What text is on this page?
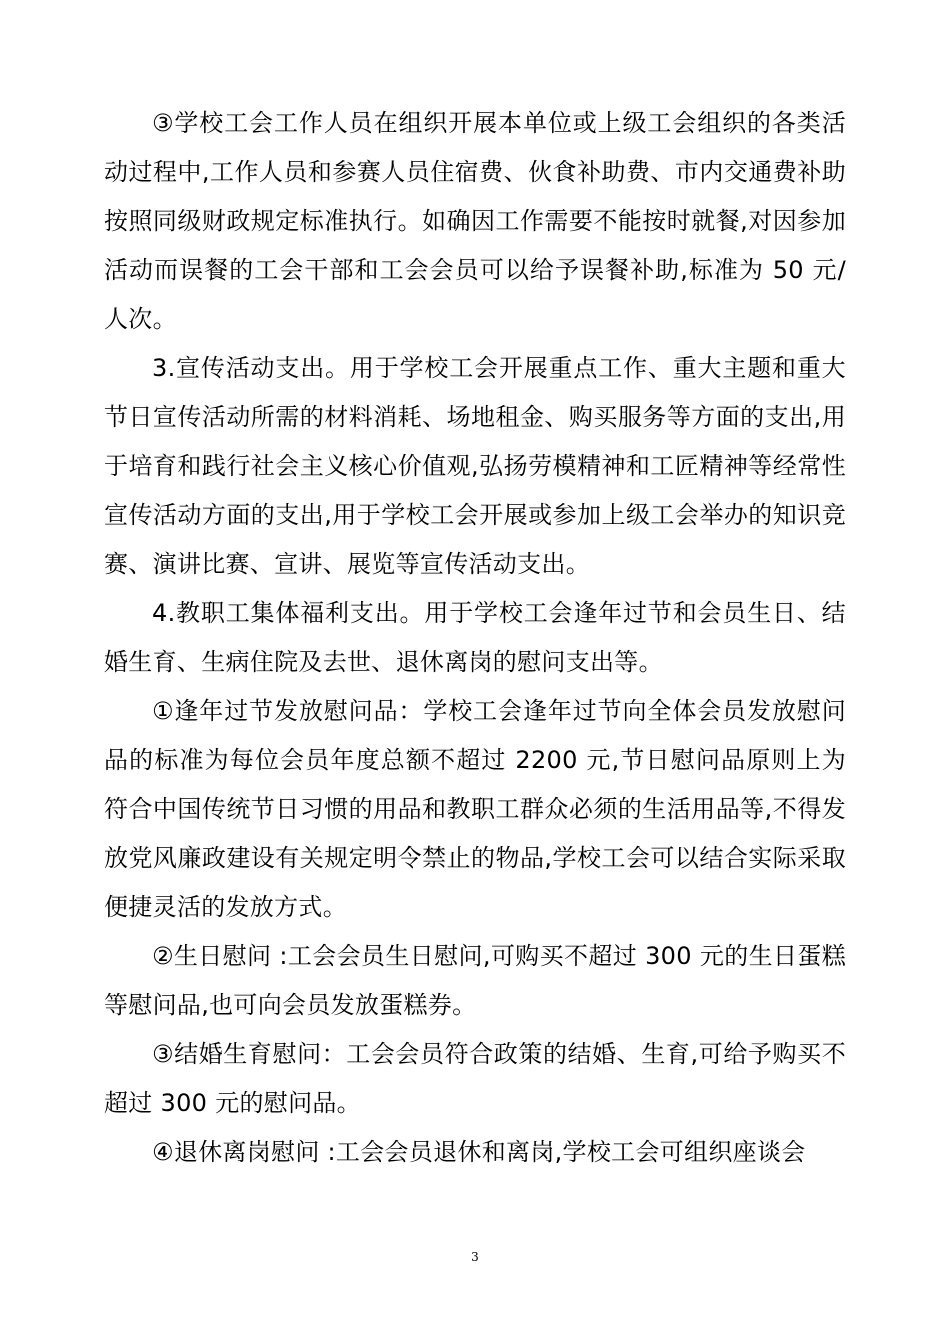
③学校工会工作人员在组织开展本单位或上级工会组织的各类活动过程中,工作人员和参赛人员住宿费、伙食补助费、市内交通费补助按照同级财政规定标准执行。如确因工作需要不能按时就餐,对因参加活动而误餐的工会干部和工会会员可以给予误餐补助,标准为 50 元/人次。

3.宣传活动支出。用于学校工会开展重点工作、重大主题和重大节日宣传活动所需的材料消耗、场地租金、购买服务等方面的支出,用于培育和践行社会主义核心价值观,弘扬劳模精神和工匠精神等经常性宣传活动方面的支出,用于学校工会开展或参加上级工会举办的知识竞赛、演讲比赛、宣讲、展览等宣传活动支出。

4.教职工集体福利支出。用于学校工会逢年过节和会员生日、结婚生育、生病住院及去世、退休离岗的慰问支出等。

①逢年过节发放慰问品：学校工会逢年过节向全体会员发放慰问品的标准为每位会员年度总额不超过 2200 元,节日慰问品原则上为符合中国传统节日习惯的用品和教职工群众必须的生活用品等,不得发放党风廉政建设有关规定明令禁止的物品,学校工会可以结合实际采取便捷灵活的发放方式。

②生日慰问 :工会会员生日慰问,可购买不超过 300 元的生日蛋糕等慰问品,也可向会员发放蛋糕券。

③结婚生育慰问：工会会员符合政策的结婚、生育,可给予购买不超过 300 元的慰问品。

④退休离岗慰问 :工会会员退休和离岗,学校工会可组织座谈会

3
